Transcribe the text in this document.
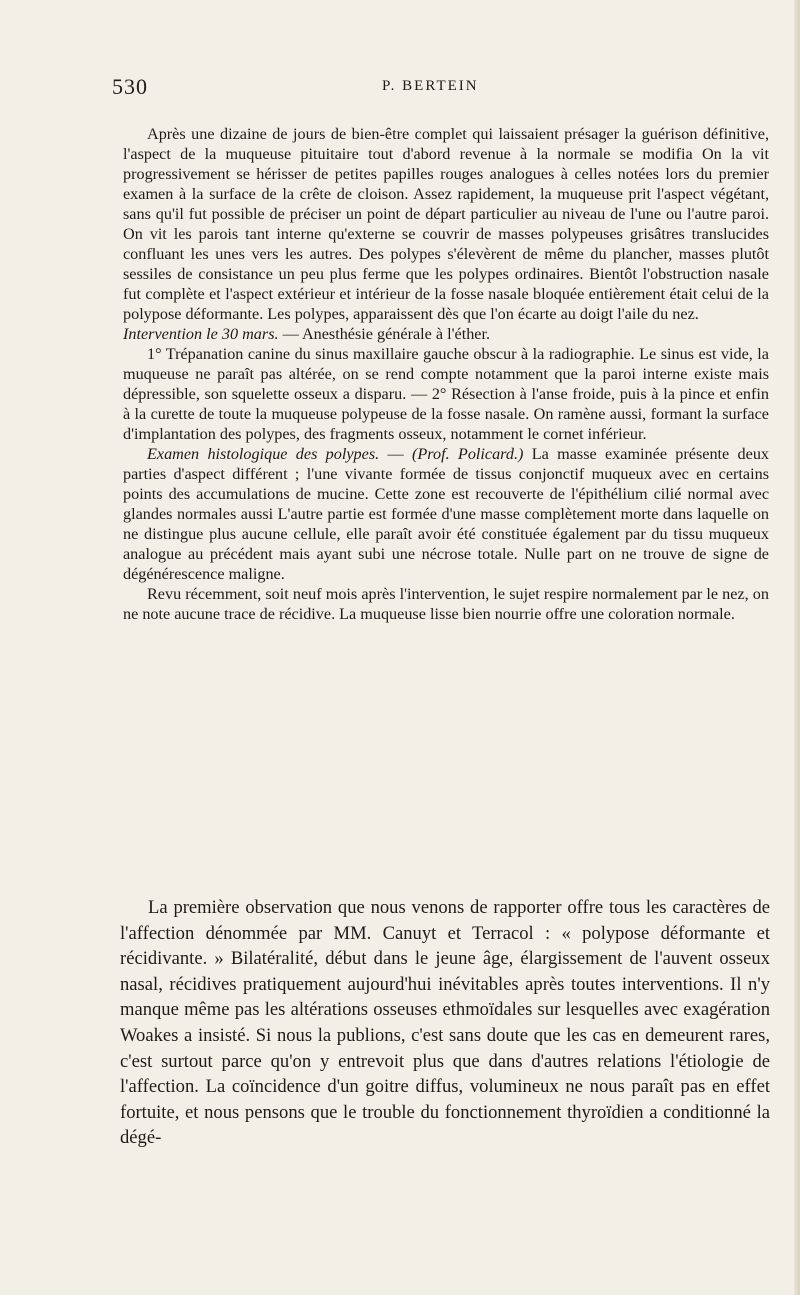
530	P. BERTEIN

Après une dizaine de jours de bien-être complet qui laissaient présager la guérison définitive, l'aspect de la muqueuse pituitaire tout d'abord revenue à la normale se modifia On la vit progressivement se hérisser de petites papilles rouges analogues à celles notées lors du premier examen à la surface de la crête de cloison. Assez rapidement, la muqueuse prit l'aspect végétant, sans qu'il fut possible de préciser un point de départ particulier au niveau de l'une ou l'autre paroi. On vit les parois tant interne qu'externe se couvrir de masses polypeuses grisâtres translucides confluant les unes vers les autres. Des polypes s'élevèrent de même du plancher, masses plutôt sessiles de consistance un peu plus ferme que les polypes ordinaires. Bientôt l'obstruction nasale fut complète et l'aspect extérieur et intérieur de la fosse nasale bloquée entièrement était celui de la polypose déformante. Les polypes, apparaissent dès que l'on écarte au doigt l'aile du nez.

Intervention le 30 mars. — Anesthésie générale à l'éther.

1° Trépanation canine du sinus maxillaire gauche obscur à la radiographie. Le sinus est vide, la muqueuse ne paraît pas altérée, on se rend compte notamment que la paroi interne existe mais dépressible, son squelette osseux a disparu. — 2° Résection à l'anse froide, puis à la pince et enfin à la curette de toute la muqueuse polypeuse de la fosse nasale. On ramène aussi, formant la surface d'implantation des polypes, des fragments osseux, notamment le cornet inférieur.

Examen histologique des polypes. — (Prof. Policard.) La masse examinée présente deux parties d'aspect différent ; l'une vivante formée de tissus conjonctif muqueux avec en certains points des accumulations de mucine. Cette zone est recouverte de l'épithélium cilié normal avec glandes normales aussi L'autre partie est formée d'une masse complètement morte dans laquelle on ne distingue plus aucune cellule, elle paraît avoir été constituée également par du tissu muqueux analogue au précédent mais ayant subi une nécrose totale. Nulle part on ne trouve de signe de dégénérescence maligne.

Revu récemment, soit neuf mois après l'intervention, le sujet respire normalement par le nez, on ne note aucune trace de récidive. La muqueuse lisse bien nourrie offre une coloration normale.

La première observation que nous venons de rapporter offre tous les caractères de l'affection dénommée par MM. Canuyt et Terracol : « polypose déformante et récidivante. » Bilatéralité, début dans le jeune âge, élargissement de l'auvent osseux nasal, récidives pratiquement aujourd'hui inévitables après toutes interventions. Il n'y manque même pas les altérations osseuses ethmoïdales sur lesquelles avec exagération Woakes a insisté. Si nous la publions, c'est sans doute que les cas en demeurent rares, c'est surtout parce qu'on y entrevoit plus que dans d'autres relations l'étiologie de l'affection. La coïncidence d'un goitre diffus, volumineux ne nous paraît pas en effet fortuite, et nous pensons que le trouble du fonctionnement thyroïdien a conditionné la dégé-
